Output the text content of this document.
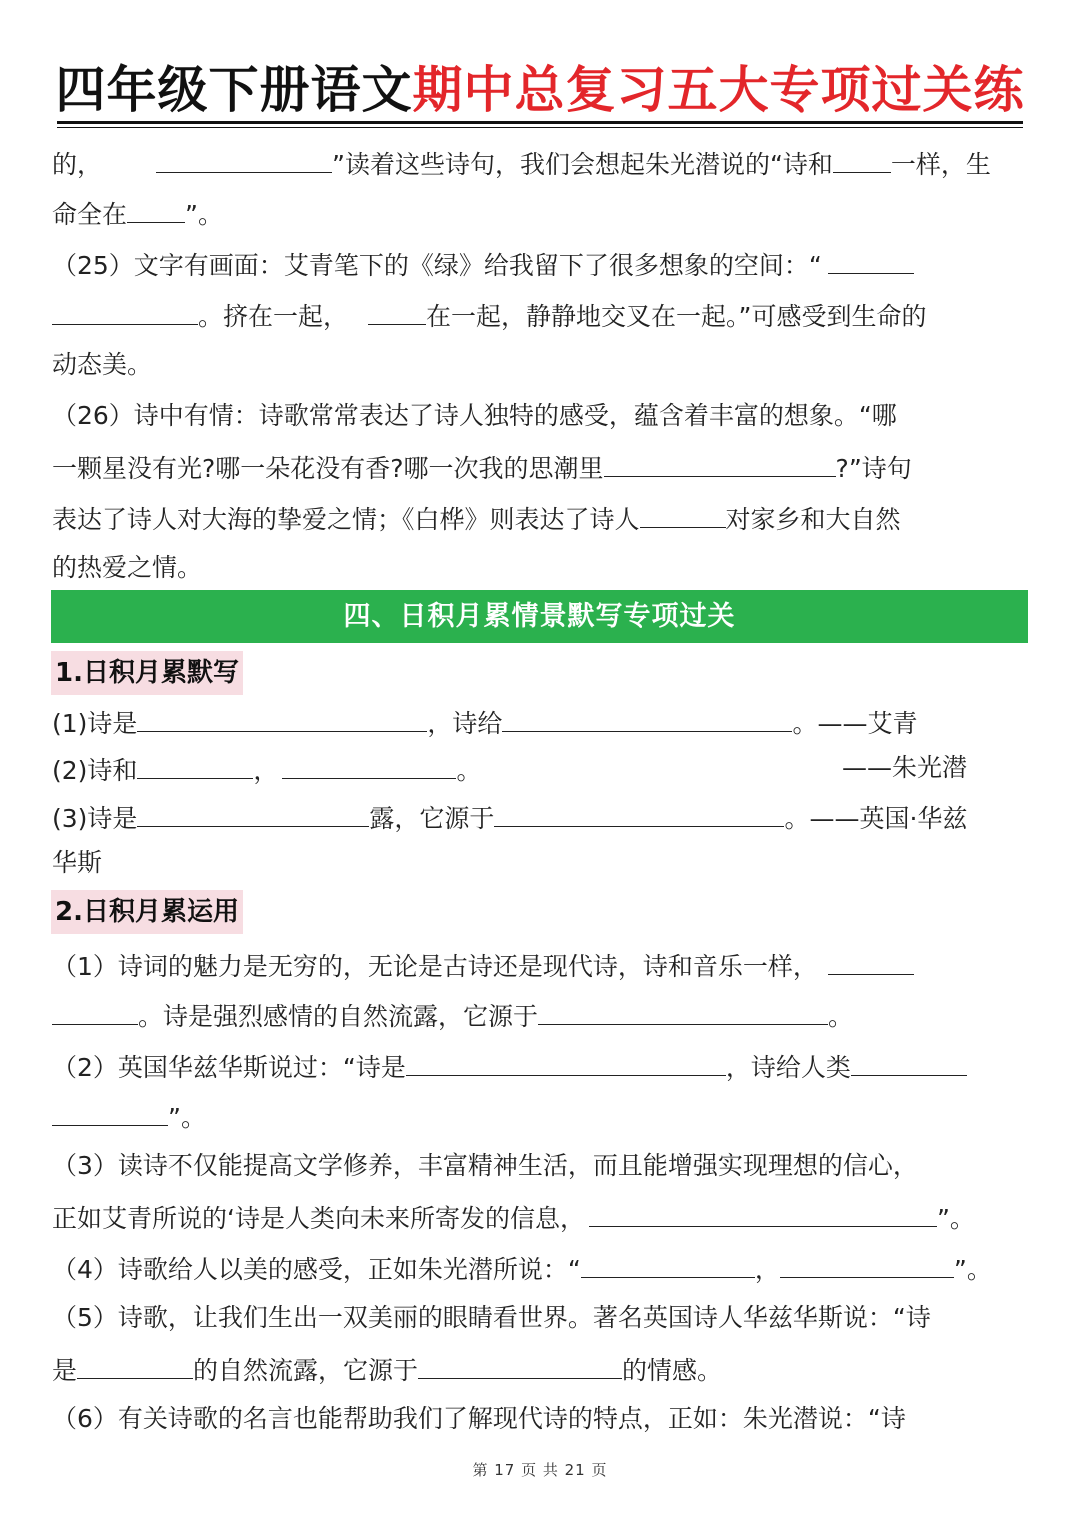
四年级下册语文期中总复习五大专项过关练
的，	”读着这些诗句，我们会想起朱光潜说的“诗和 一样，生
命全在 ”。
（25）文字有画面：艾青笔下的《绿》给我留下了很多想象的空间：“
。挤在一起，	在一起，静静地交叉在一起。”可感受到生命的
动态美。
（26）诗中有情：诗歌常常表达了诗人独特的感受，蕴含着丰富的想象。“哪
一颗星没有光?哪一朵花没有香?哪一次我的思潮里	?”诗句
表达了诗人对大海的挚爱之情；《白桦》则表达了诗人	对家乡和大自然
的热爱之情。
四、日积月累情景默写专项过关
1.日积月累默写
(1)诗是	，诗给	。——艾青
(2)诗和	，	。	——朱光潜
(3)诗是	露，它源于	。——英国·华兹
华斯
2.日积月累运用
（1）诗词的魅力是无穷的，无论是古诗还是现代诗，诗和音乐一样，
。诗是强烈感情的自然流露，它源于	。
（2）英国华兹华斯说过：“诗是	，诗给人类
”。
（3）读诗不仅能提高文学修养，丰富精神生活，而且能增强实现理想的信心，
正如艾青所说的‘诗是人类向未来所寄发的信息，	”。
（4）诗歌给人以美的感受，正如朱光潜所说：“	，	”。
（5）诗歌，让我们生出一双美丽的眼睛看世界。著名英国诗人华兹华斯说：“诗
是	的自然流露，它源于	的情感。
（6）有关诗歌的名言也能帮助我们了解现代诗的特点，正如：朱光潜说：“诗
第 17 页 共 21 页
